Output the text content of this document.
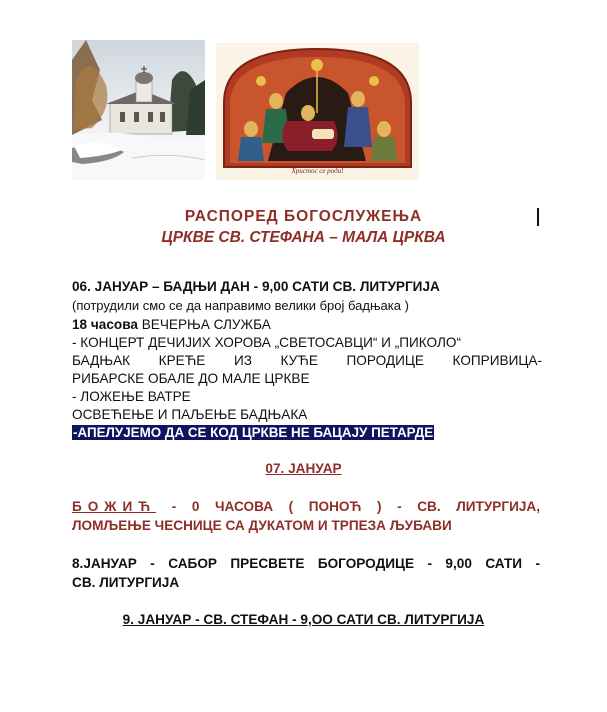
Христос се роди!
РАСПОРЕД БОГОСЛУЖЕЊА
ЦРКВЕ СВ. СТЕФАНА – МАЛА ЦРКВА
06. ЈАНУАР – БАДЊИ ДАН - 9,00 САТИ СВ. ЛИТУРГИЈА
(потрудили смо се да направимо велики број бадњака )
18 часова ВЕЧЕРЊА СЛУЖБА
- КОНЦЕРТ ДЕЧИЈИХ ХОРОВА „СВЕТОСАВЦИ“ И „ПИКОЛО“
БАДЊАК КРЕЋЕ ИЗ КУЋЕ ПОРОДИЦЕ КОПРИВИЦА-
РИБАРСКЕ ОБАЛЕ ДО МАЛЕ ЦРКВЕ
- ЛОЖЕЊЕ ВАТРЕ
ОСВЕЋЕЊЕ И ПАЉЕЊЕ БАДЊАКА
-АПЕЛУЈЕМО ДА СЕ КОД ЦРКВЕ НЕ БАЦАЈУ ПЕТАРДЕ
07. ЈАНУАР
БОЖИЋ - 0 ЧАСОВА ( ПОНОЋ ) - СВ. ЛИТУРГИЈА,
ЛОМЉЕЊЕ ЧЕСНИЦЕ СА ДУКАТОМ И ТРПЕЗА ЉУБАВИ
8.ЈАНУАР - САБОР ПРЕСВЕТЕ БОГОРОДИЦЕ - 9,00 САТИ -
СВ. ЛИТУРГИЈА
9. ЈАНУАР - СВ. СТЕФАН - 9,ОО САТИ СВ. ЛИТУРГИЈА
